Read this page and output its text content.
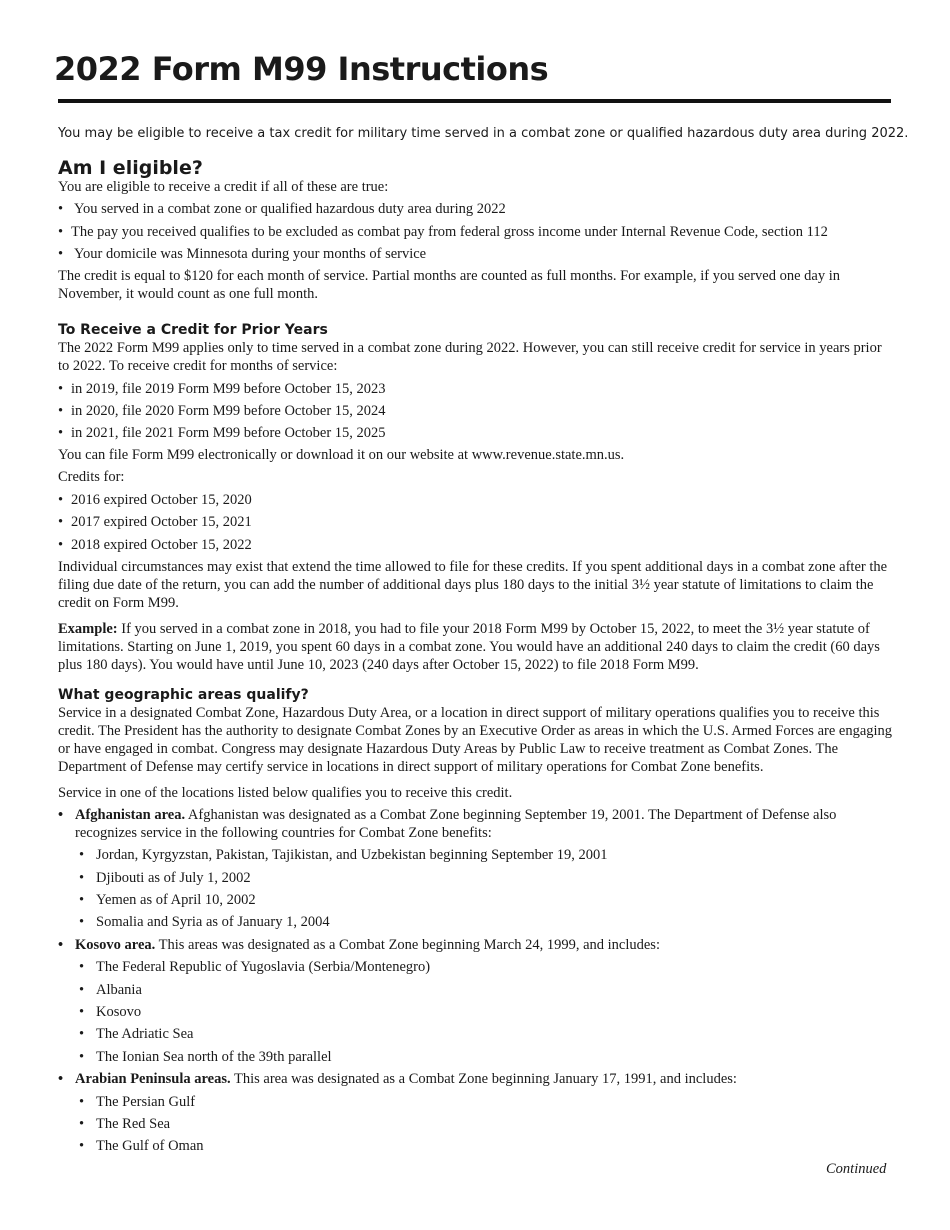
2022 Form M99 Instructions

You may be eligible to receive a tax credit for military time served in a combat zone or qualified hazardous duty area during 2022.

Am I eligible?

You are eligible to receive a credit if all of these are true:

• You served in a combat zone or qualified hazardous duty area during 2022
• The pay you received qualifies to be excluded as combat pay from federal gross income under Internal Revenue Code, section 112
• Your domicile was Minnesota during your months of service

The credit is equal to $120 for each month of service. Partial months are counted as full months. For example, if you served one day in November, it would count as one full month.

To Receive a Credit for Prior Years

The 2022 Form M99 applies only to time served in a combat zone during 2022. However, you can still receive credit for service in years prior to 2022. To receive credit for months of service:

• in 2019, file 2019 Form M99 before October 15, 2023
• in 2020, file 2020 Form M99 before October 15, 2024
• in 2021, file 2021 Form M99 before October 15, 2025

You can file Form M99 electronically or download it on our website at www.revenue.state.mn.us.

Credits for:

• 2016 expired October 15, 2020
• 2017 expired October 15, 2021
• 2018 expired October 15, 2022

Individual circumstances may exist that extend the time allowed to file for these credits. If you spent additional days in a combat zone after the filing due date of the return, you can add the number of additional days plus 180 days to the initial 3½ year statute of limitations to claim the credit on Form M99.

Example: If you served in a combat zone in 2018, you had to file your 2018 Form M99 by October 15, 2022, to meet the 3½ year statute of limitations. Starting on June 1, 2019, you spent 60 days in a combat zone. You would have an additional 240 days to claim the credit (60 days plus 180 days). You would have until June 10, 2023 (240 days after October 15, 2022) to file 2018 Form M99.

What geographic areas qualify?

Service in a designated Combat Zone, Hazardous Duty Area, or a location in direct support of military operations qualifies you to receive this credit. The President has the authority to designate Combat Zones by an Executive Order as areas in which the U.S. Armed Forces are engaging or have engaged in combat. Congress may designate Hazardous Duty Areas by Public Law to receive treatment as Combat Zones. The Department of Defense may certify service in locations in direct support of military operations for Combat Zone benefits.

Service in one of the locations listed below qualifies you to receive this credit.

• Afghanistan area. Afghanistan was designated as a Combat Zone beginning September 19, 2001. The Department of Defense also recognizes service in the following countries for Combat Zone benefits:
• Jordan, Kyrgyzstan, Pakistan, Tajikistan, and Uzbekistan beginning September 19, 2001
• Djibouti as of July 1, 2002
• Yemen as of April 10, 2002
• Somalia and Syria as of January 1, 2004
• Kosovo area. This areas was designated as a Combat Zone beginning March 24, 1999, and includes:
• The Federal Republic of Yugoslavia (Serbia/Montenegro)
• Albania
• Kosovo
• The Adriatic Sea
• The Ionian Sea north of the 39th parallel
• Arabian Peninsula areas. This area was designated as a Combat Zone beginning January 17, 1991, and includes:
• The Persian Gulf
• The Red Sea
• The Gulf of Oman
Continued
